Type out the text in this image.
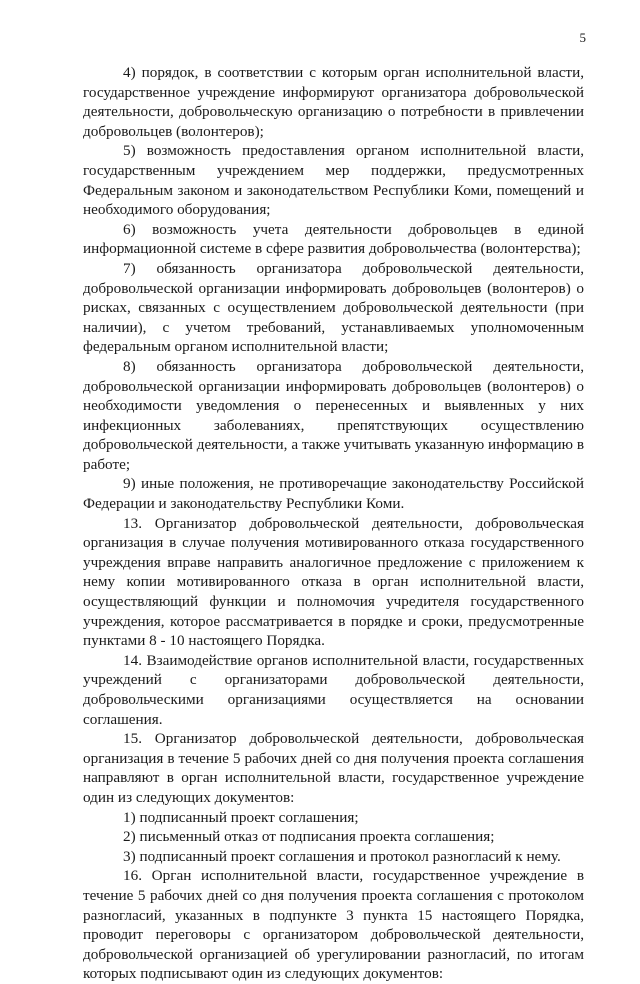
5

4) порядок, в соответствии с которым орган исполнительной власти, государственное учреждение информируют организатора добровольческой деятельности, добровольческую организацию о потребности в привлечении добровольцев (волонтеров);

5) возможность предоставления органом исполнительной власти, государственным учреждением мер поддержки, предусмотренных Федеральным законом и законодательством Республики Коми, помещений и необходимого оборудования;

6) возможность учета деятельности добровольцев в единой информационной системе в сфере развития добровольчества (волонтерства);

7) обязанность организатора добровольческой деятельности, добровольческой организации информировать добровольцев (волонтеров) о рисках, связанных с осуществлением добровольческой деятельности (при наличии), с учетом требований, устанавливаемых уполномоченным федеральным органом исполнительной власти;

8) обязанность организатора добровольческой деятельности, добровольческой организации информировать добровольцев (волонтеров) о необходимости уведомления о перенесенных и выявленных у них инфекционных заболеваниях, препятствующих осуществлению добровольческой деятельности, а также учитывать указанную информацию в работе;

9) иные положения, не противоречащие законодательству Российской Федерации и законодательству Республики Коми.

13. Организатор добровольческой деятельности, добровольческая организация в случае получения мотивированного отказа государственного учреждения вправе направить аналогичное предложение с приложением к нему копии мотивированного отказа в орган исполнительной власти, осуществляющий функции и полномочия учредителя государственного учреждения, которое рассматривается в порядке и сроки, предусмотренные пунктами 8 - 10 настоящего Порядка.

14. Взаимодействие органов исполнительной власти, государственных учреждений с организаторами добровольческой деятельности, добровольческими организациями осуществляется на основании соглашения.

15. Организатор добровольческой деятельности, добровольческая организация в течение 5 рабочих дней со дня получения проекта соглашения направляют в орган исполнительной власти, государственное учреждение один из следующих документов:

1) подписанный проект соглашения;

2) письменный отказ от подписания проекта соглашения;

3) подписанный проект соглашения и протокол разногласий к нему.

16. Орган исполнительной власти, государственное учреждение в течение 5 рабочих дней со дня получения проекта соглашения с протоколом разногласий, указанных в подпункте 3 пункта 15 настоящего Порядка, проводит переговоры с организатором добровольческой деятельности, добровольческой организацией об урегулировании разногласий, по итогам которых подписывают один из следующих документов:
